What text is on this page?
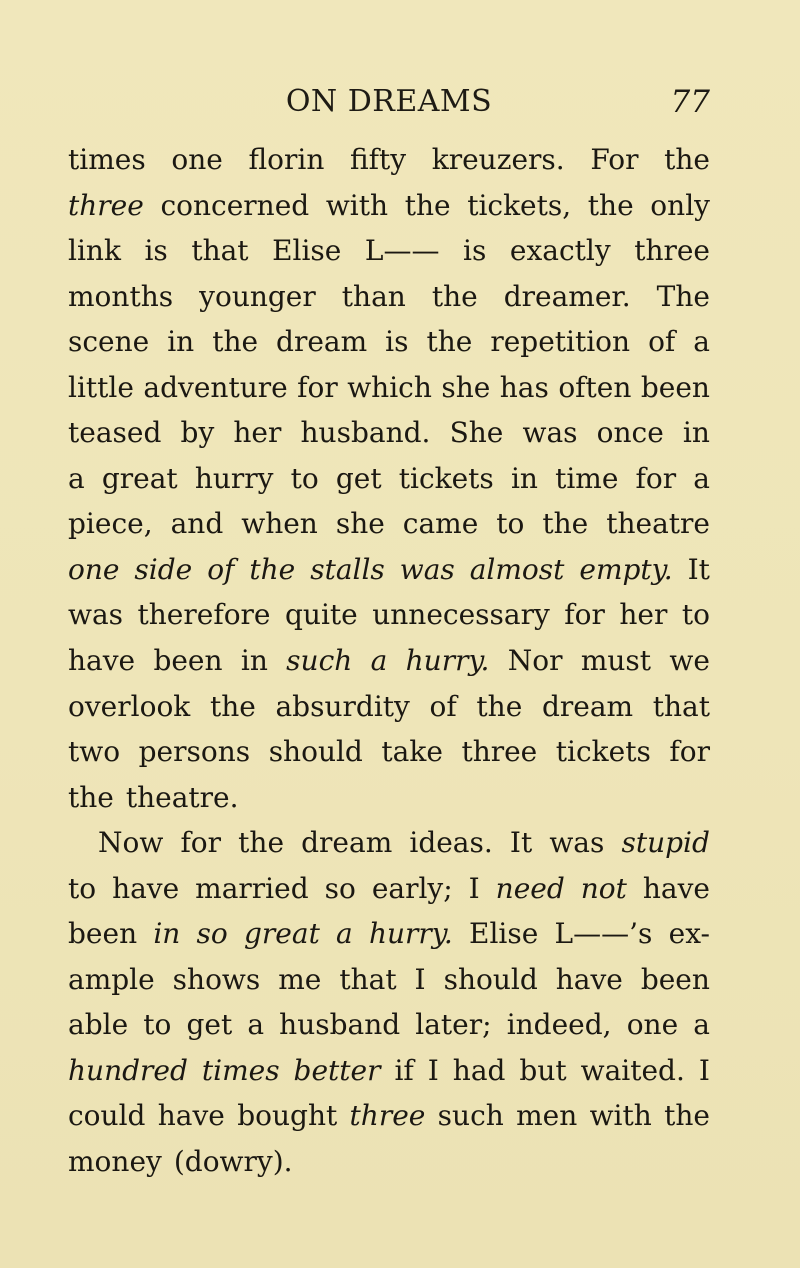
ON DREAMS	77
times one florin fifty kreuzers. For the
three concerned with the tickets, the only
link is that Elise L—— is exactly three
months younger than the dreamer. The
scene in the dream is the repetition of a
little adventure for which she has often been
teased by her husband. She was once in
a great hurry to get tickets in time for a
piece, and when she came to the theatre
one side of the stalls was almost empty. It
was therefore quite unnecessary for her to
have been in such a hurry. Nor must we
overlook the absurdity of the dream that
two persons should take three tickets for
the theatre.
Now for the dream ideas. It was stupid
to have married so early; I need not have
been in so great a hurry. Elise L——’s ex-
ample shows me that I should have been
able to get a husband later; indeed, one a
hundred times better if I had but waited. I
could have bought three such men with the
money (dowry).
